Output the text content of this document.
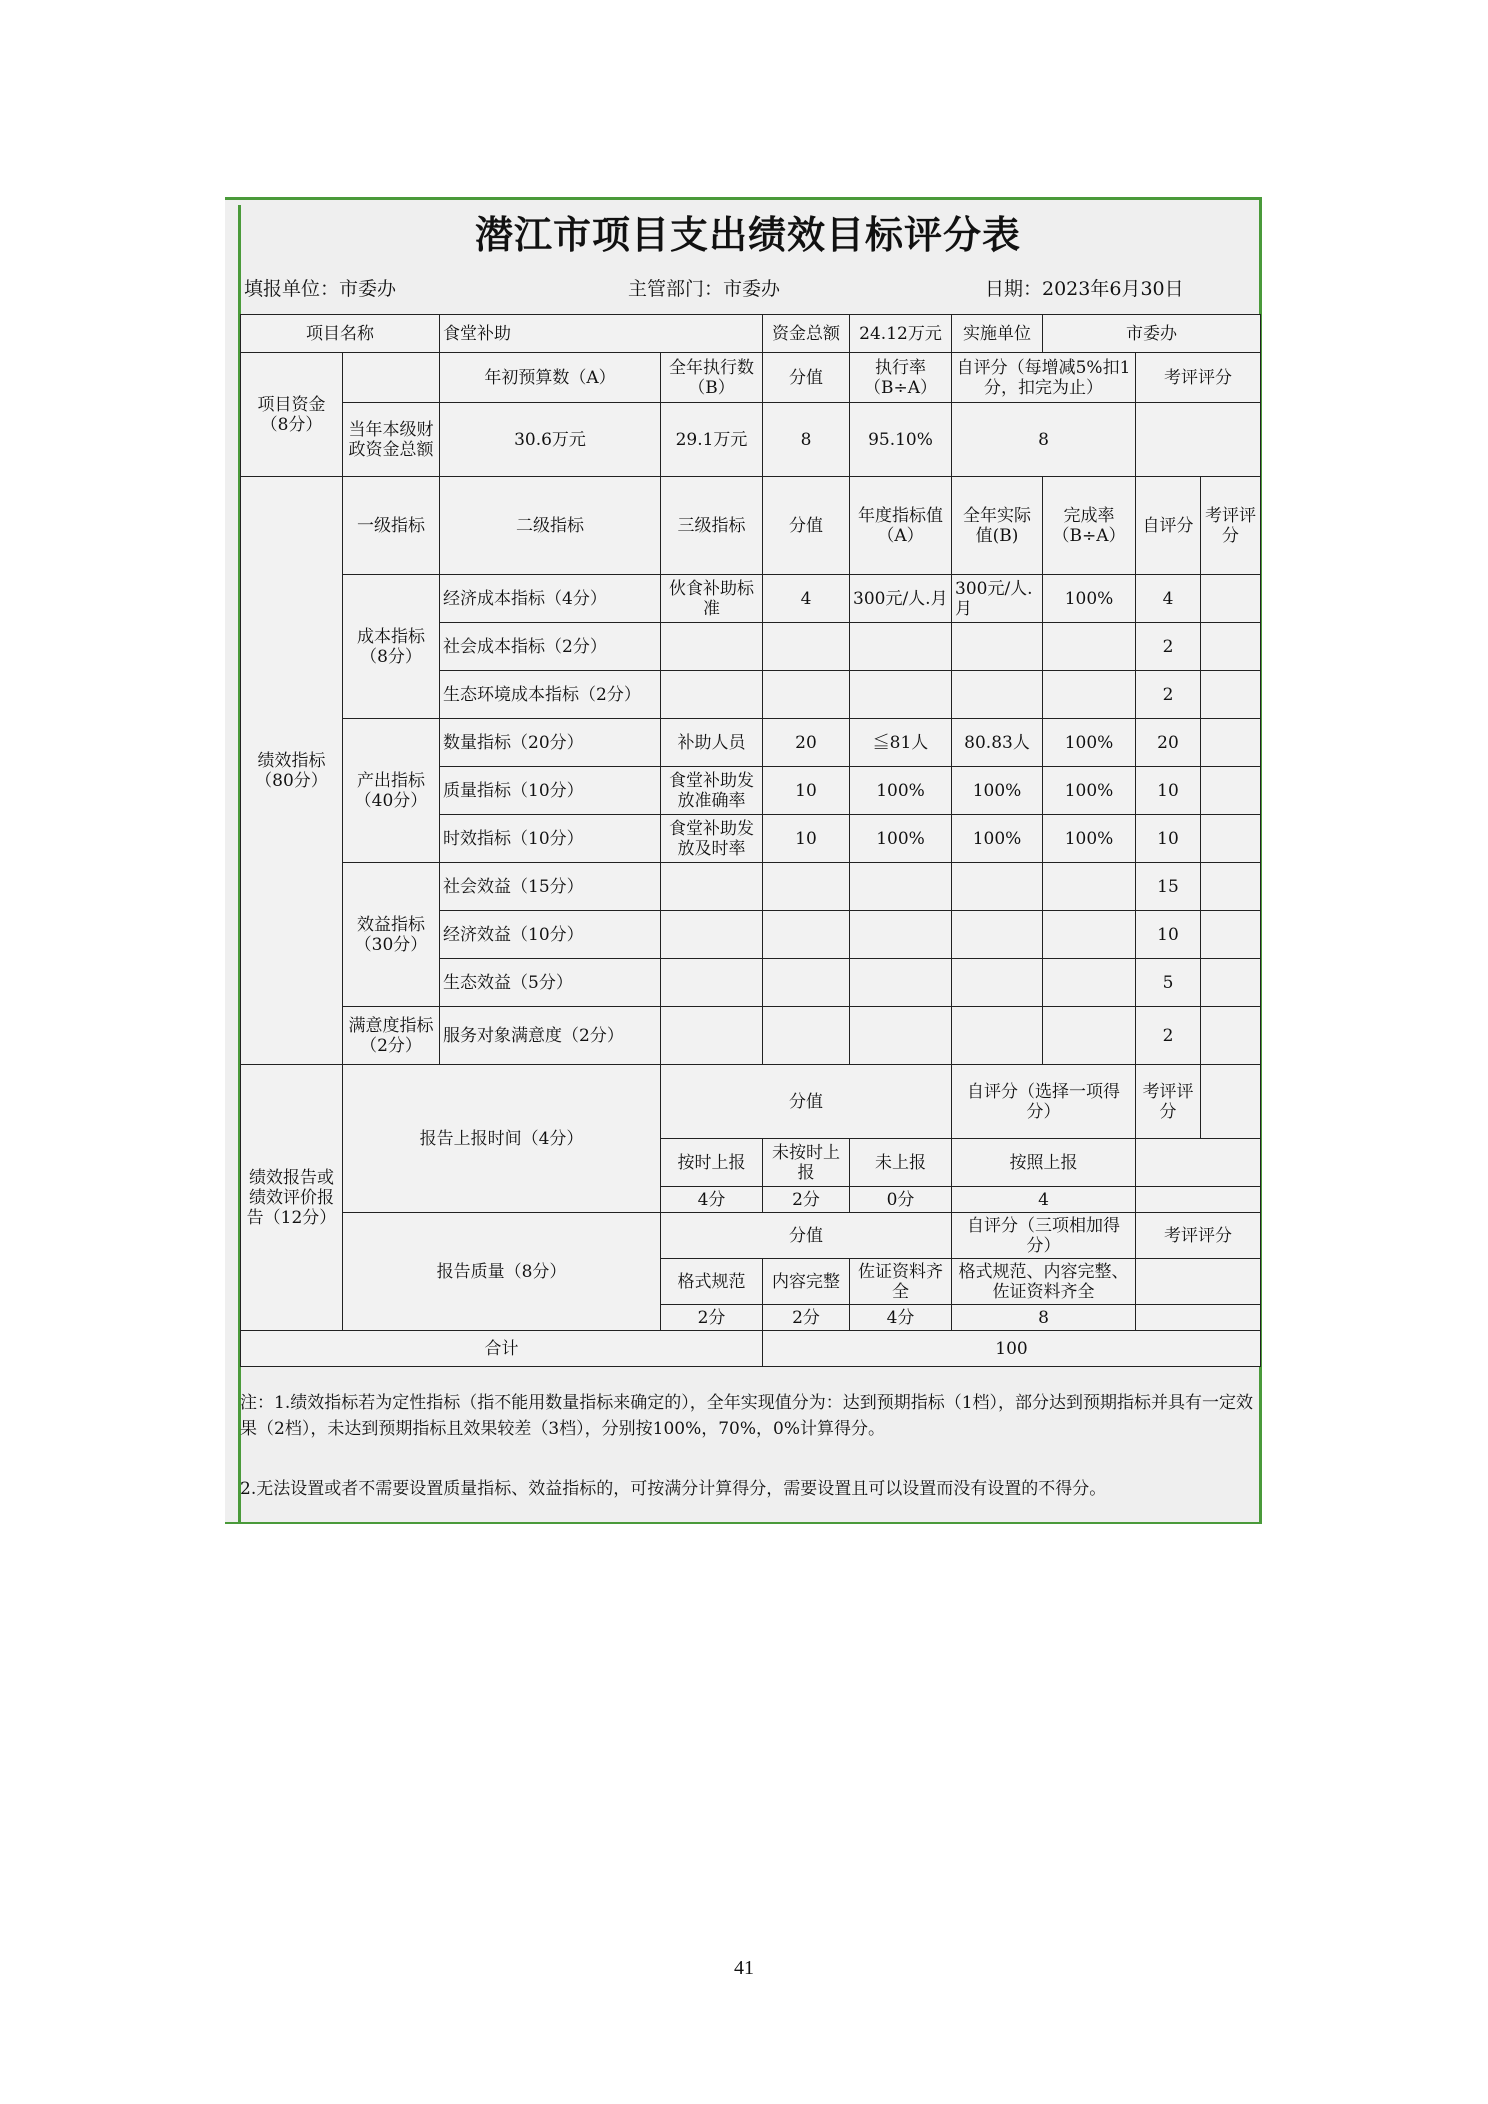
潜江市项目支出绩效目标评分表
填报单位：市委办	主管部门：市委办	日期：2023年6月30日
项目名称		食堂补助		资金总额	24.12万元	实施单位	市委办		
项目资金（8分）		年初预算数（A）	全年执行数（B）	分值	执行率（B÷A）	自评分（每增减5%扣1分，扣完为止）		考评评分	
	当年本级财政资金总额	30.6万元	29.1万元	8	95.10%	8			
绩效指标（80分）	一级指标	二级指标	三级指标	分值	年度指标值（A）	全年实际值(B)	完成率（B÷A）	自评分	考评评分
	成本指标（8分）	经济成本指标（4分）	伙食补助标准	4	300元/人.月	300元/人.月	100%	4	
		社会成本指标（2分）						2	
		生态环境成本指标（2分）						2	
	产出指标（40分）	数量指标（20分）	补助人员	20	≦81人	80.83人	100%	20	
		质量指标（10分）	食堂补助发放准确率	10	100%	100%	100%	10	
		时效指标（10分）	食堂补助发放及时率	10	100%	100%	100%	10	
	效益指标（30分）	社会效益（15分）						15	
		经济效益（10分）						10	
		生态效益（5分）						5	
	满意度指标（2分）	服务对象满意度（2分）						2	
绩效报告或绩效评价报告（12分）	报告上报时间（4分）		分值			自评分（选择一项得分）		考评评分	
			按时上报	未按时上报	未上报	按照上报			
			4分	2分	0分	4			
	报告质量（8分）		分值			自评分（三项相加得分）		考评评分	
			格式规范	内容完整	佐证资料齐全	格式规范、内容完整、佐证资料齐全			
			2分	2分	4分	8			
合计				100					
注：1.绩效指标若为定性指标（指不能用数量指标来确定的），全年实现值分为：达到预期指标（1档），部分达到预期指标并具有一定效果（2档），未达到预期指标且效果较差（3档），分别按100%，70%，0%计算得分。
2.无法设置或者不需要设置质量指标、效益指标的，可按满分计算得分，需要设置且可以设置而没有设置的不得分。
41
